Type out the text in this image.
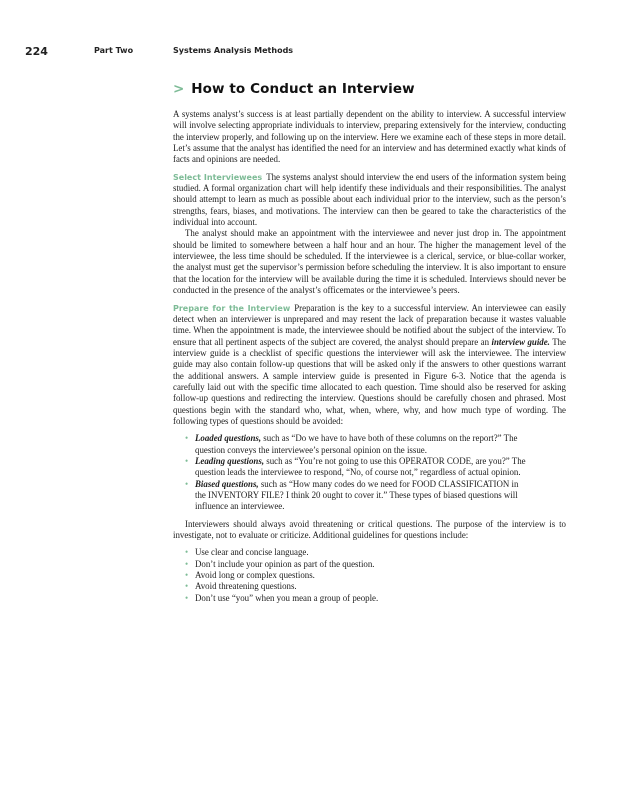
224	Part Two	Systems Analysis Methods
> How to Conduct an Interview

A systems analyst’s success is at least partially dependent on the ability to interview. A successful interview will involve selecting appropriate individuals to interview, preparing extensively for the interview, conducting the interview properly, and following up on the interview. Here we examine each of these steps in more detail. Let’s assume that the analyst has identified the need for an interview and has determined exactly what kinds of facts and opinions are needed.

Select Interviewees The systems analyst should interview the end users of the information system being studied. A formal organization chart will help identify these individuals and their responsibilities. The analyst should attempt to learn as much as possible about each individual prior to the interview, such as the person’s strengths, fears, biases, and motivations. The interview can then be geared to take the characteristics of the individual into account.

The analyst should make an appointment with the interviewee and never just drop in. The appointment should be limited to somewhere between a half hour and an hour. The higher the management level of the interviewee, the less time should be scheduled. If the interviewee is a clerical, service, or blue-collar worker, the analyst must get the supervisor’s permission before scheduling the interview. It is also important to ensure that the location for the interview will be available during the time it is scheduled. Interviews should never be conducted in the presence of the analyst’s officemates or the interviewee’s peers.

Prepare for the Interview Preparation is the key to a successful interview. An interviewee can easily detect when an interviewer is unprepared and may resent the lack of preparation because it wastes valuable time. When the appointment is made, the interviewee should be notified about the subject of the interview. To ensure that all pertinent aspects of the subject are covered, the analyst should prepare an interview guide. The interview guide is a checklist of specific questions the interviewer will ask the interviewee. The interview guide may also contain follow-up questions that will be asked only if the answers to other questions warrant the additional answers. A sample interview guide is presented in Figure 6-3. Notice that the agenda is carefully laid out with the specific time allocated to each question. Time should also be reserved for asking follow-up questions and redirecting the interview. Questions should be carefully chosen and phrased. Most questions begin with the standard who, what, when, where, why, and how much type of wording. The following types of questions should be avoided:

• Loaded questions, such as “Do we have to have both of these columns on the report?” The question conveys the interviewee’s personal opinion on the issue.
• Leading questions, such as “You’re not going to use this OPERATOR CODE, are you?” The question leads the interviewee to respond, “No, of course not,” regardless of actual opinion.
• Biased questions, such as “How many codes do we need for FOOD CLASSIFICATION in the INVENTORY FILE? I think 20 ought to cover it.” These types of biased questions will influence an interviewee.

Interviewers should always avoid threatening or critical questions. The purpose of the interview is to investigate, not to evaluate or criticize. Additional guidelines for questions include:

• Use clear and concise language.
• Don’t include your opinion as part of the question.
• Avoid long or complex questions.
• Avoid threatening questions.
• Don’t use “you” when you mean a group of people.
